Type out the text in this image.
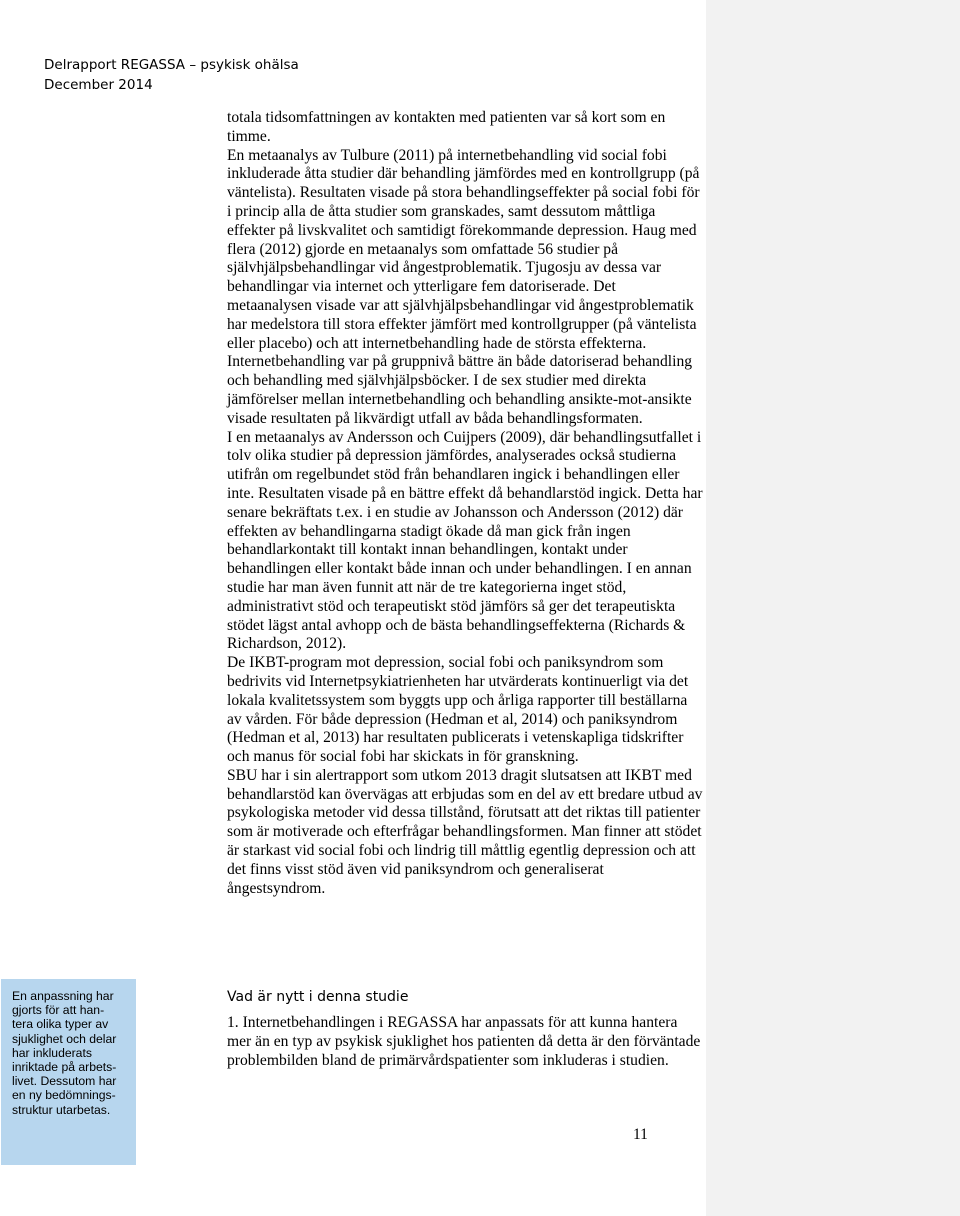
Delrapport REGASSA – psykisk ohälsa
December 2014

totala tidsomfattningen av kontakten med patienten var så kort som en timme.

En metaanalys av Tulbure (2011) på internetbehandling vid social fobi inkluderade åtta studier där behandling jämfördes med en kontrollgrupp (på väntelista). Resultaten visade på stora behandlingseffekter på social fobi för i princip alla de åtta studier som granskades, samt dessutom måttliga effekter på livskvalitet och samtidigt förekommande depression. Haug med flera (2012) gjorde en metaanalys som omfattade 56 studier på självhjälpsbehandlingar vid ångestproblematik. Tjugosju av dessa var behandlingar via internet och ytterligare fem datoriserade. Det metaanalysen visade var att självhjälpsbehandlingar vid ångestproblematik har medelstora till stora effekter jämfört med kontrollgrupper (på väntelista eller placebo) och att internetbehandling hade de största effekterna. Internetbehandling var på gruppnivå bättre än både datoriserad behandling och behandling med självhjälpsböcker. I de sex studier med direkta jämförelser mellan internetbehandling och behandling ansikte-mot-ansikte visade resultaten på likvärdigt utfall av båda behandlingsformaten.

I en metaanalys av Andersson och Cuijpers (2009), där behandlingsutfallet i tolv olika studier på depression jämfördes, analyserades också studierna utifrån om regelbundet stöd från behandlaren ingick i behandlingen eller inte. Resultaten visade på en bättre effekt då behandlarstöd ingick. Detta har senare bekräftats t.ex. i en studie av Johansson och Andersson (2012) där effekten av behandlingarna stadigt ökade då man gick från ingen behandlarkontakt till kontakt innan behandlingen, kontakt under behandlingen eller kontakt både innan och under behandlingen. I en annan studie har man även funnit att när de tre kategorierna inget stöd, administrativt stöd och terapeutiskt stöd jämförs så ger det terapeutiskta stödet lägst antal avhopp och de bästa behandlingseffekterna (Richards & Richardson, 2012).

De IKBT-program mot depression, social fobi och paniksyndrom som bedrivits vid Internetpsykiatrienheten har utvärderats kontinuerligt via det lokala kvalitetssystem som byggts upp och årliga rapporter till beställarna av vården. För både depression (Hedman et al, 2014) och paniksyndrom (Hedman et al, 2013) har resultaten publicerats i vetenskapliga tidskrifter och manus för social fobi har skickats in för granskning.

SBU har i sin alertrapport som utkom 2013 dragit slutsatsen att IKBT med behandlarstöd kan övervägas att erbjudas som en del av ett bredare utbud av psykologiska metoder vid dessa tillstånd, förutsatt att det riktas till patienter som är motiverade och efterfrågar behandlingsformen. Man finner att stödet är starkast vid social fobi och lindrig till måttlig egentlig depression och att det finns visst stöd även vid paniksyndrom och generaliserat ångestsyndrom.

Vad är nytt i denna studie

1. Internetbehandlingen i REGASSA har anpassats för att kunna hantera mer än en typ av psykisk sjuklighet hos patienten då detta är den förväntade problembilden bland de primärvårdspatienter som inkluderas i studien.

En anpassning har
gjorts för att han-
tera olika typer av
sjuklighet och delar
har inkluderats
inriktade på arbets-
livet. Dessutom har
en ny bedömnings-
struktur utarbetas.
11
